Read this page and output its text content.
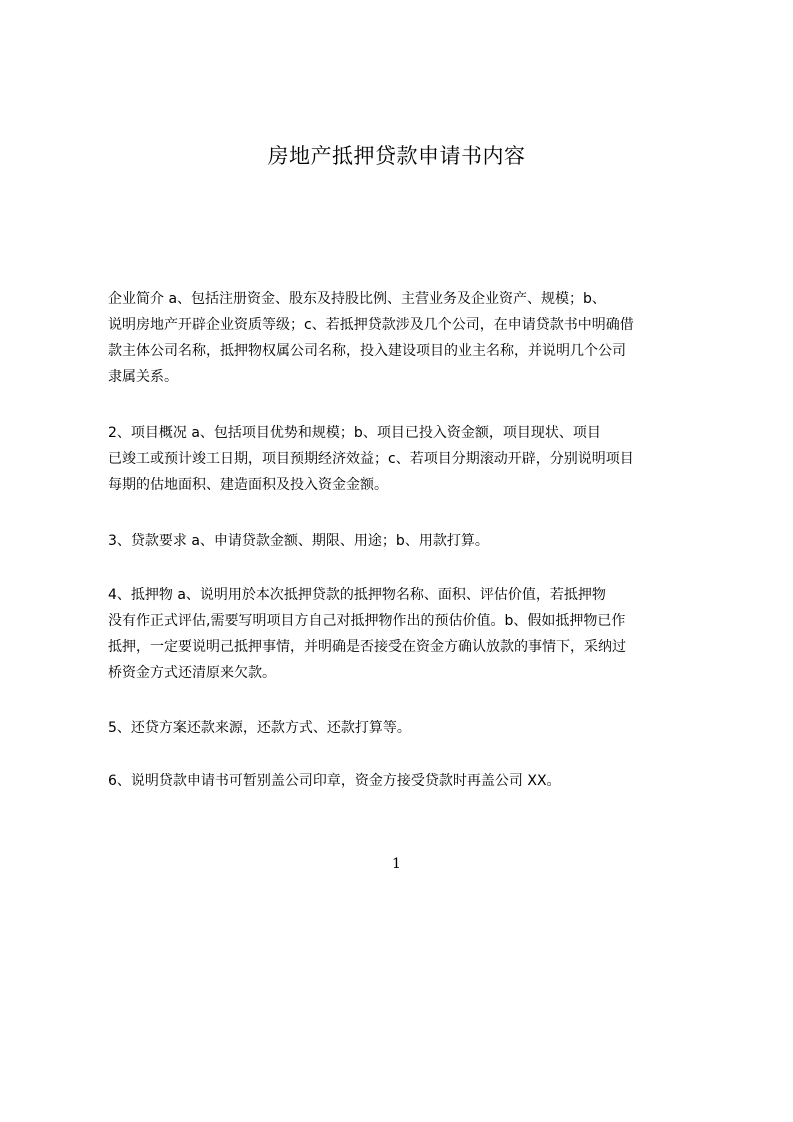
房地产抵押贷款申请书内容
企业简介 a、包括注册资金、股东及持股比例、主营业务及企业资产、规模；b、
说明房地产开辟企业资质等级；c、若抵押贷款涉及几个公司，在申请贷款书中明确借
款主体公司名称，抵押物权属公司名称，投入建设项目的业主名称，并说明几个公司
隶属关系。
2、项目概况 a、包括项目优势和规模；b、项目已投入资金额，项目现状、项目
已竣工或预计竣工日期，项目预期经济效益；c、若项目分期滚动开辟，分别说明项目
每期的估地面积、建造面积及投入资金金额。
3、贷款要求 a、申请贷款金额、期限、用途；b、用款打算。
4、抵押物 a、说明用於本次抵押贷款的抵押物名称、面积、评估价值，若抵押物
没有作正式评估,需要写明项目方自己对抵押物作出的预估价值。b、假如抵押物已作
抵押，一定要说明己抵押事情，并明确是否接受在资金方确认放款的事情下，采纳过
桥资金方式还清原来欠款。
5、还贷方案还款来源，还款方式、还款打算等。
6、说明贷款申请书可暂别盖公司印章，资金方接受贷款时再盖公司 XX。
1
